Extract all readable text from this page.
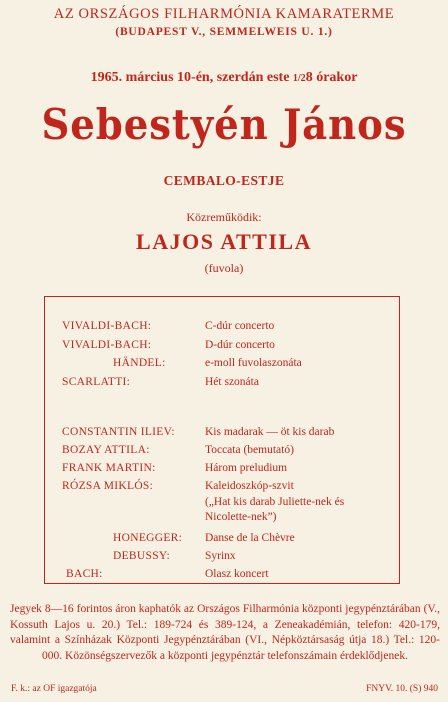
AZ ORSZÁGOS FILHARMÓNIA KAMARATERME
(BUDAPEST V., SEMMELWEIS U. 1.)
1965. március 10-én, szerdán este 1/28 órakor
Sebestyén János
CEMBALO-ESTJE
Közreműködik:
LAJOS ATTILA
(fuvola)
VIVALDI-BACH:	C-dúr concerto
VIVALDI-BACH:	D-dúr concerto
HÄNDEL:	e-moll fuvolaszonáta
SCARLATTI:	Hét szonáta
CONSTANTIN ILIEV:	Kis madarak — öt kis darab
BOZAY ATTILA:	Toccata (bemutató)
FRANK MARTIN:	Három preludium
RÓZSA MIKLÓS:	Kaleidoszkóp-szvit
(„Hat kis darab Juliette-nek és
Nicolette-nek”)
HONEGGER: Danse de la Chèvre
DEBUSSY:	Syrinx
BACH:	Olasz koncert
Jegyek 8—16 forintos áron kaphatók az Országos Filharmónia központi jegypénztárában (V., Kossuth Lajos u. 20.) Tel.: 189-724 és 389-124, a Zeneakadémián, telefon: 420-179, valamint a Színházak Központi Jegypénztárában (VI., Népköztársaság útja 18.) Tel.: 120-000. Közönségszervezők a központi jegypénztár telefonszámain érdeklődjenek.
F. k.: az OF igazgatója	FNYV. 10. (S) 940
